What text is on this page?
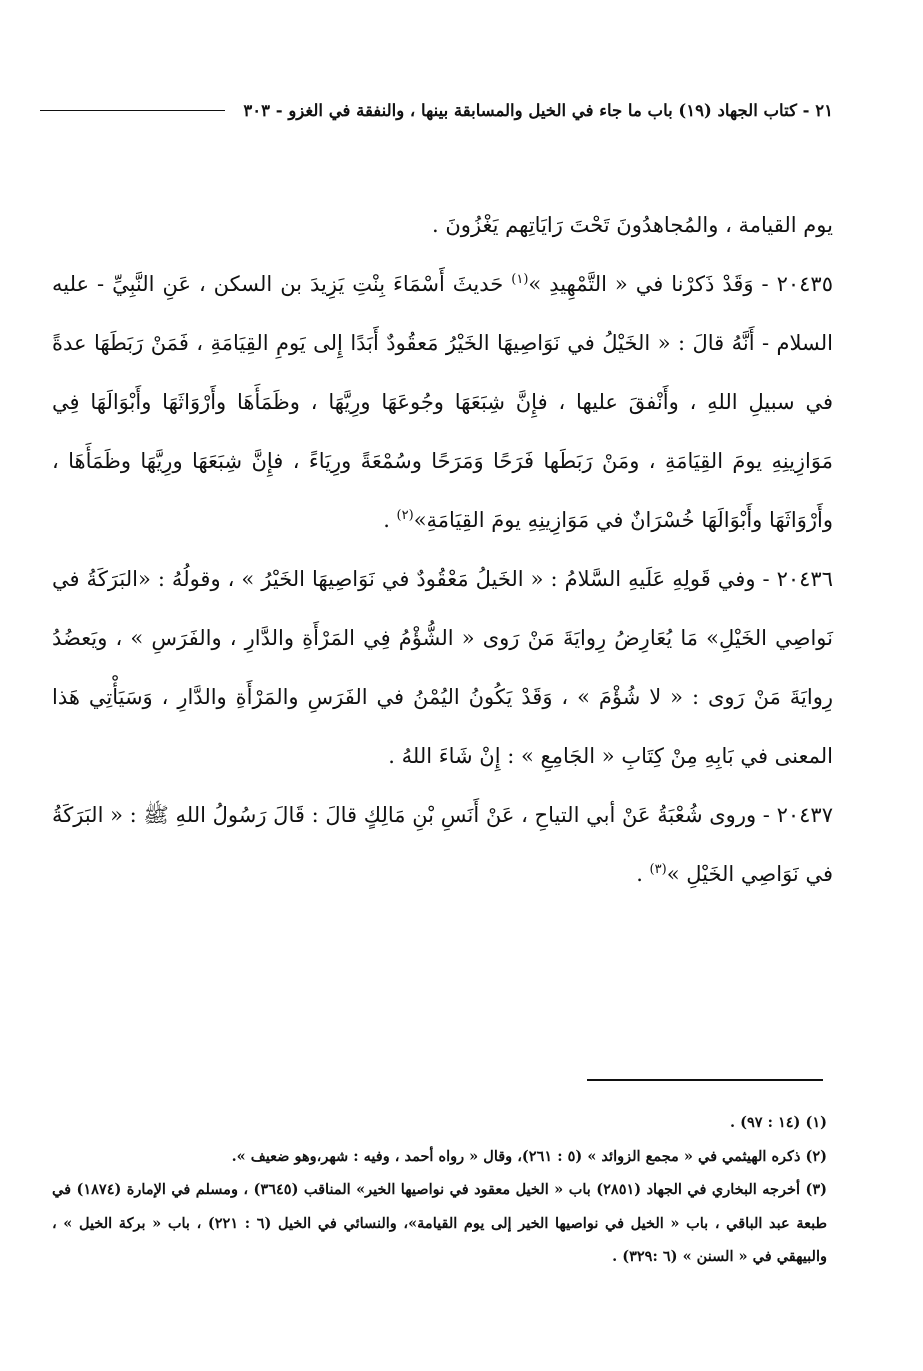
٢١ - كتاب الجهاد (١٩) باب ما جاء في الخيل والمسابقة بينها ، والنفقة في الغزو - ٣٠٣

يوم القيامة ، والمُجاهدُونَ تَحْتَ رَايَاتِهم يَغْزُونَ .

٢٠٤٣٥ - وَقَدْ ذَكرْنا في « التَّمْهِيدِ »$^{(١)}$ حَديثَ أَسْمَاءَ بِنْتِ يَزِيدَ بن السكن ، عَنِ النَّبِيِّ - عليه السلام - أَنَّهُ قالَ : « الخَيْلُ في نَوَاصِيهَا الخَيْرُ مَعقُودٌ أَبَدًا إِلى يَومِ القِيَامَةِ ، فَمَنْ رَبَطَهَا عدةً في سبيلِ اللهِ ، وأَنْفقَ عليها ، فإِنَّ شِبَعَهَا وجُوعَهَا ورِيَّهَا ، وظَمَأَهَا وأَرْوَاثَهَا وأَبْوَالَهَا فِي مَوَازِينِهِ يومَ القِيَامَةِ ، ومَنْ رَبَطَها فَرَحًا وَمَرَحًا وسُمْعَةً ورِيَاءً ، فإِنَّ شِبَعَهَا ورِيَّهَا وظَمَأَهَا ، وأَرْوَاثَهَا وأَبْوَالَهَا خُسْرَانٌ في مَوَازِينِهِ يومَ القِيَامَةِ»$^{(٢)}$ .

٢٠٤٣٦ - وفي قَولِهِ عَلَيهِ السَّلامُ : « الخَيلُ مَعْقُودٌ في نَوَاصِيهَا الخَيْرُ » ، وقولُهُ : «البَرَكَةُ في نَواصِي الخَيْلِ» مَا يُعَارِضُ رِوايَةَ مَنْ رَوى « الشُّؤْمُ فِي المَرْأَةِ والدَّارِ ، والفَرَسِ » ، ويَعضُدُ رِوايَةَ مَنْ رَوى : « لا شُؤْمَ » ، وَقَدْ يَكُونُ اليُمْنُ في الفَرَسِ والمَرْأَةِ والدَّارِ ، وَسَيَأْتِي هَذا المعنى في بَابِهِ مِنْ كِتَابِ « الجَامِعِ » : إِنْ شَاءَ اللهُ .

٢٠٤٣٧ - وروى شُعْبَةُ عَنْ أبي التياحِ ، عَنْ أَنَسِ بْنِ مَالِكٍ قالَ : قَالَ رَسُولُ اللهِ ﷺ : « البَرَكَةُ في نَوَاصِي الخَيْلِ »$^{(٣)}$ .

(١) (١٤ : ٩٧) .

(٢) ذكره الهيثمي في « مجمع الزوائد » (٥ : ٢٦١)، وقال « رواه أحمد ، وفيه : شهر،وهو ضعيف ».

(٣) أخرجه البخاري في الجهاد (٢٨٥١) باب « الخيل معقود في نواصيها الخير» المناقب (٣٦٤٥) ، ومسلم في الإمارة (١٨٧٤) في طبعة عبد الباقي ، باب « الخيل في نواصيها الخير إلى يوم القيامة»، والنسائي في الخيل (٦ : ٢٢١) ، باب « بركة الخيل » ، والبيهقي في « السنن » (٦ :٣٢٩) .
